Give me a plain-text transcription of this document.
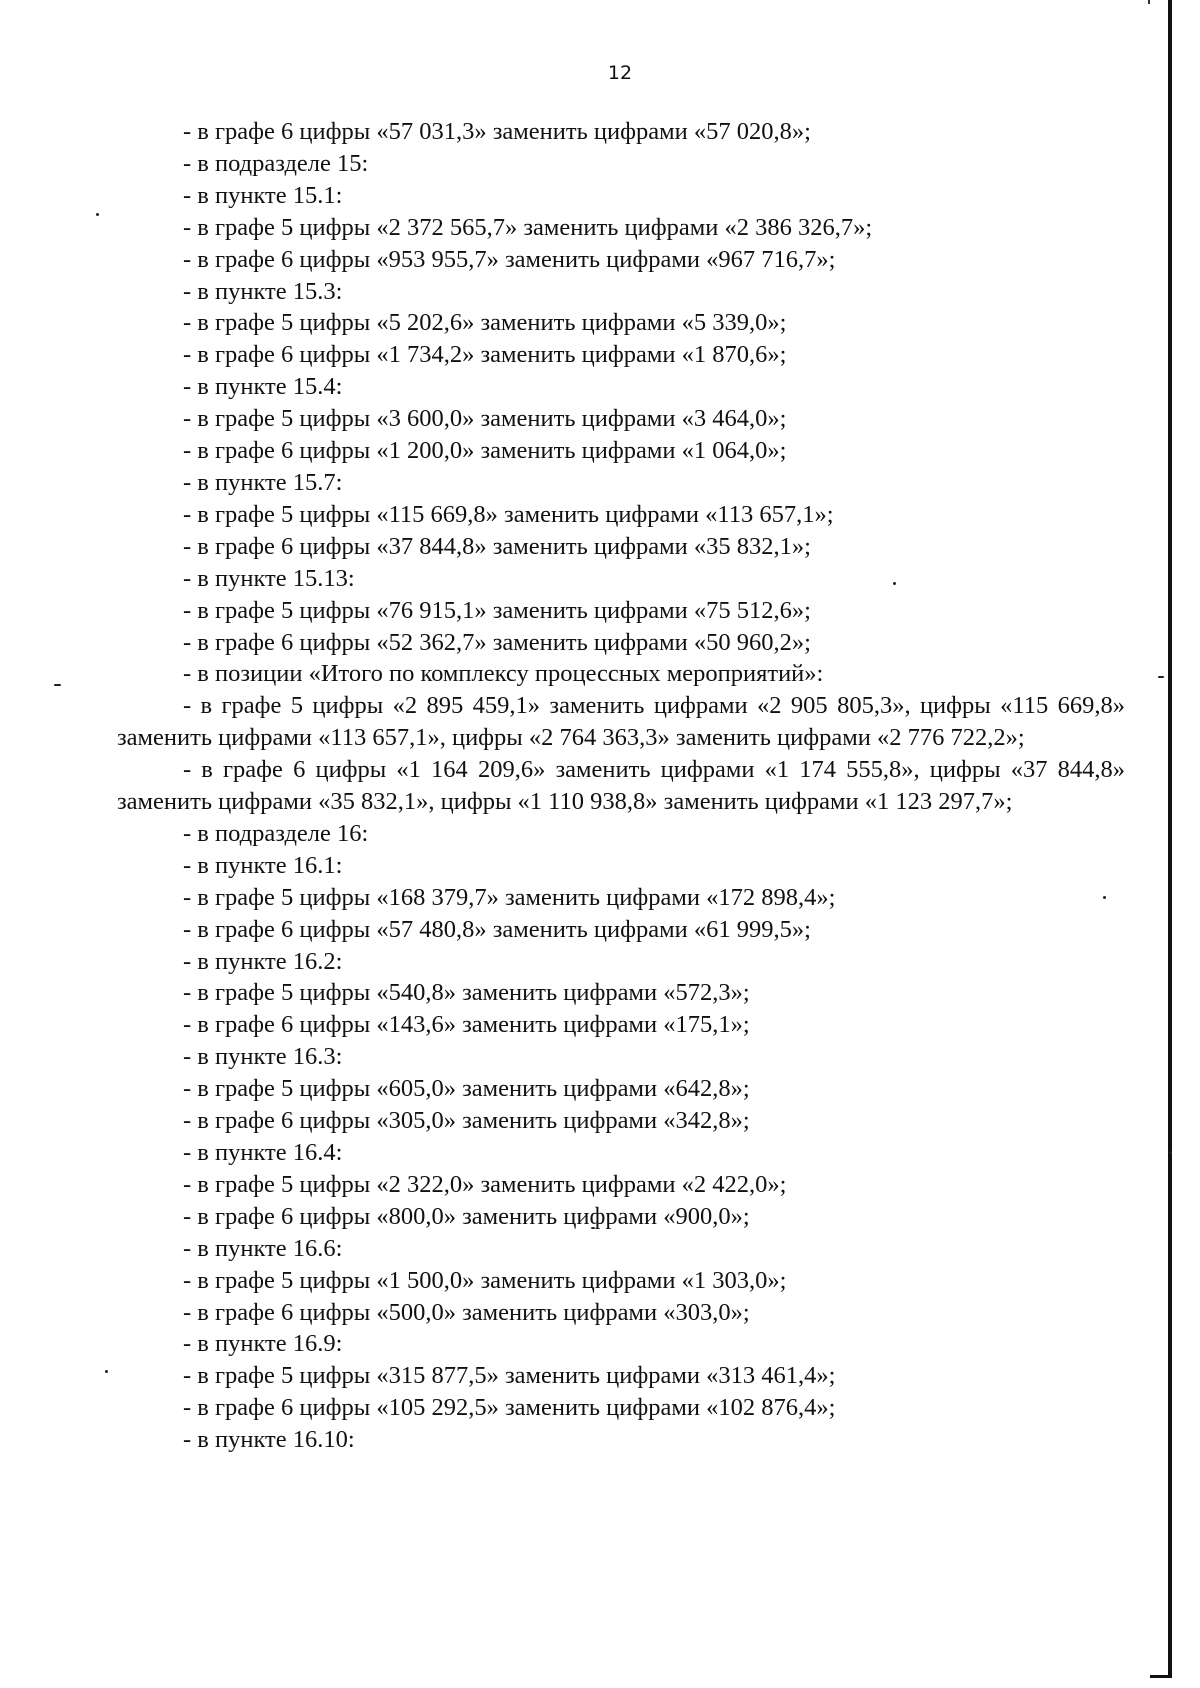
12
- в графе 6 цифры «57 031,3» заменить цифрами «57 020,8»;
- в подразделе 15:
- в пункте 15.1:
- в графе 5 цифры «2 372 565,7» заменить цифрами «2 386 326,7»;
- в графе 6 цифры «953 955,7» заменить цифрами «967 716,7»;
- в пункте 15.3:
- в графе 5 цифры «5 202,6» заменить цифрами «5 339,0»;
- в графе 6 цифры «1 734,2» заменить цифрами «1 870,6»;
- в пункте 15.4:
- в графе 5 цифры «3 600,0» заменить цифрами «3 464,0»;
- в графе 6 цифры «1 200,0» заменить цифрами «1 064,0»;
- в пункте 15.7:
- в графе 5 цифры «115 669,8» заменить цифрами «113 657,1»;
- в графе 6 цифры «37 844,8» заменить цифрами «35 832,1»;
- в пункте 15.13:
- в графе 5 цифры «76 915,1» заменить цифрами «75 512,6»;
- в графе 6 цифры «52 362,7» заменить цифрами «50 960,2»;
- в позиции «Итого по комплексу процессных мероприятий»:
- в графе 5 цифры «2 895 459,1» заменить цифрами «2 905 805,3», цифры «115 669,8» заменить цифрами «113 657,1», цифры «2 764 363,3» заменить цифрами «2 776 722,2»;
- в графе 6 цифры «1 164 209,6» заменить цифрами «1 174 555,8», цифры «37 844,8» заменить цифрами «35 832,1», цифры «1 110 938,8» заменить цифрами «1 123 297,7»;
- в подразделе 16:
- в пункте 16.1:
- в графе 5 цифры «168 379,7» заменить цифрами «172 898,4»;
- в графе 6 цифры «57 480,8» заменить цифрами «61 999,5»;
- в пункте 16.2:
- в графе 5 цифры «540,8» заменить цифрами «572,3»;
- в графе 6 цифры «143,6» заменить цифрами «175,1»;
- в пункте 16.3:
- в графе 5 цифры «605,0» заменить цифрами «642,8»;
- в графе 6 цифры «305,0» заменить цифрами «342,8»;
- в пункте 16.4:
- в графе 5 цифры «2 322,0» заменить цифрами «2 422,0»;
- в графе 6 цифры «800,0» заменить цифрами «900,0»;
- в пункте 16.6:
- в графе 5 цифры «1 500,0» заменить цифрами «1 303,0»;
- в графе 6 цифры «500,0» заменить цифрами «303,0»;
- в пункте 16.9:
- в графе 5 цифры «315 877,5» заменить цифрами «313 461,4»;
- в графе 6 цифры «105 292,5» заменить цифрами «102 876,4»;
- в пункте 16.10:
